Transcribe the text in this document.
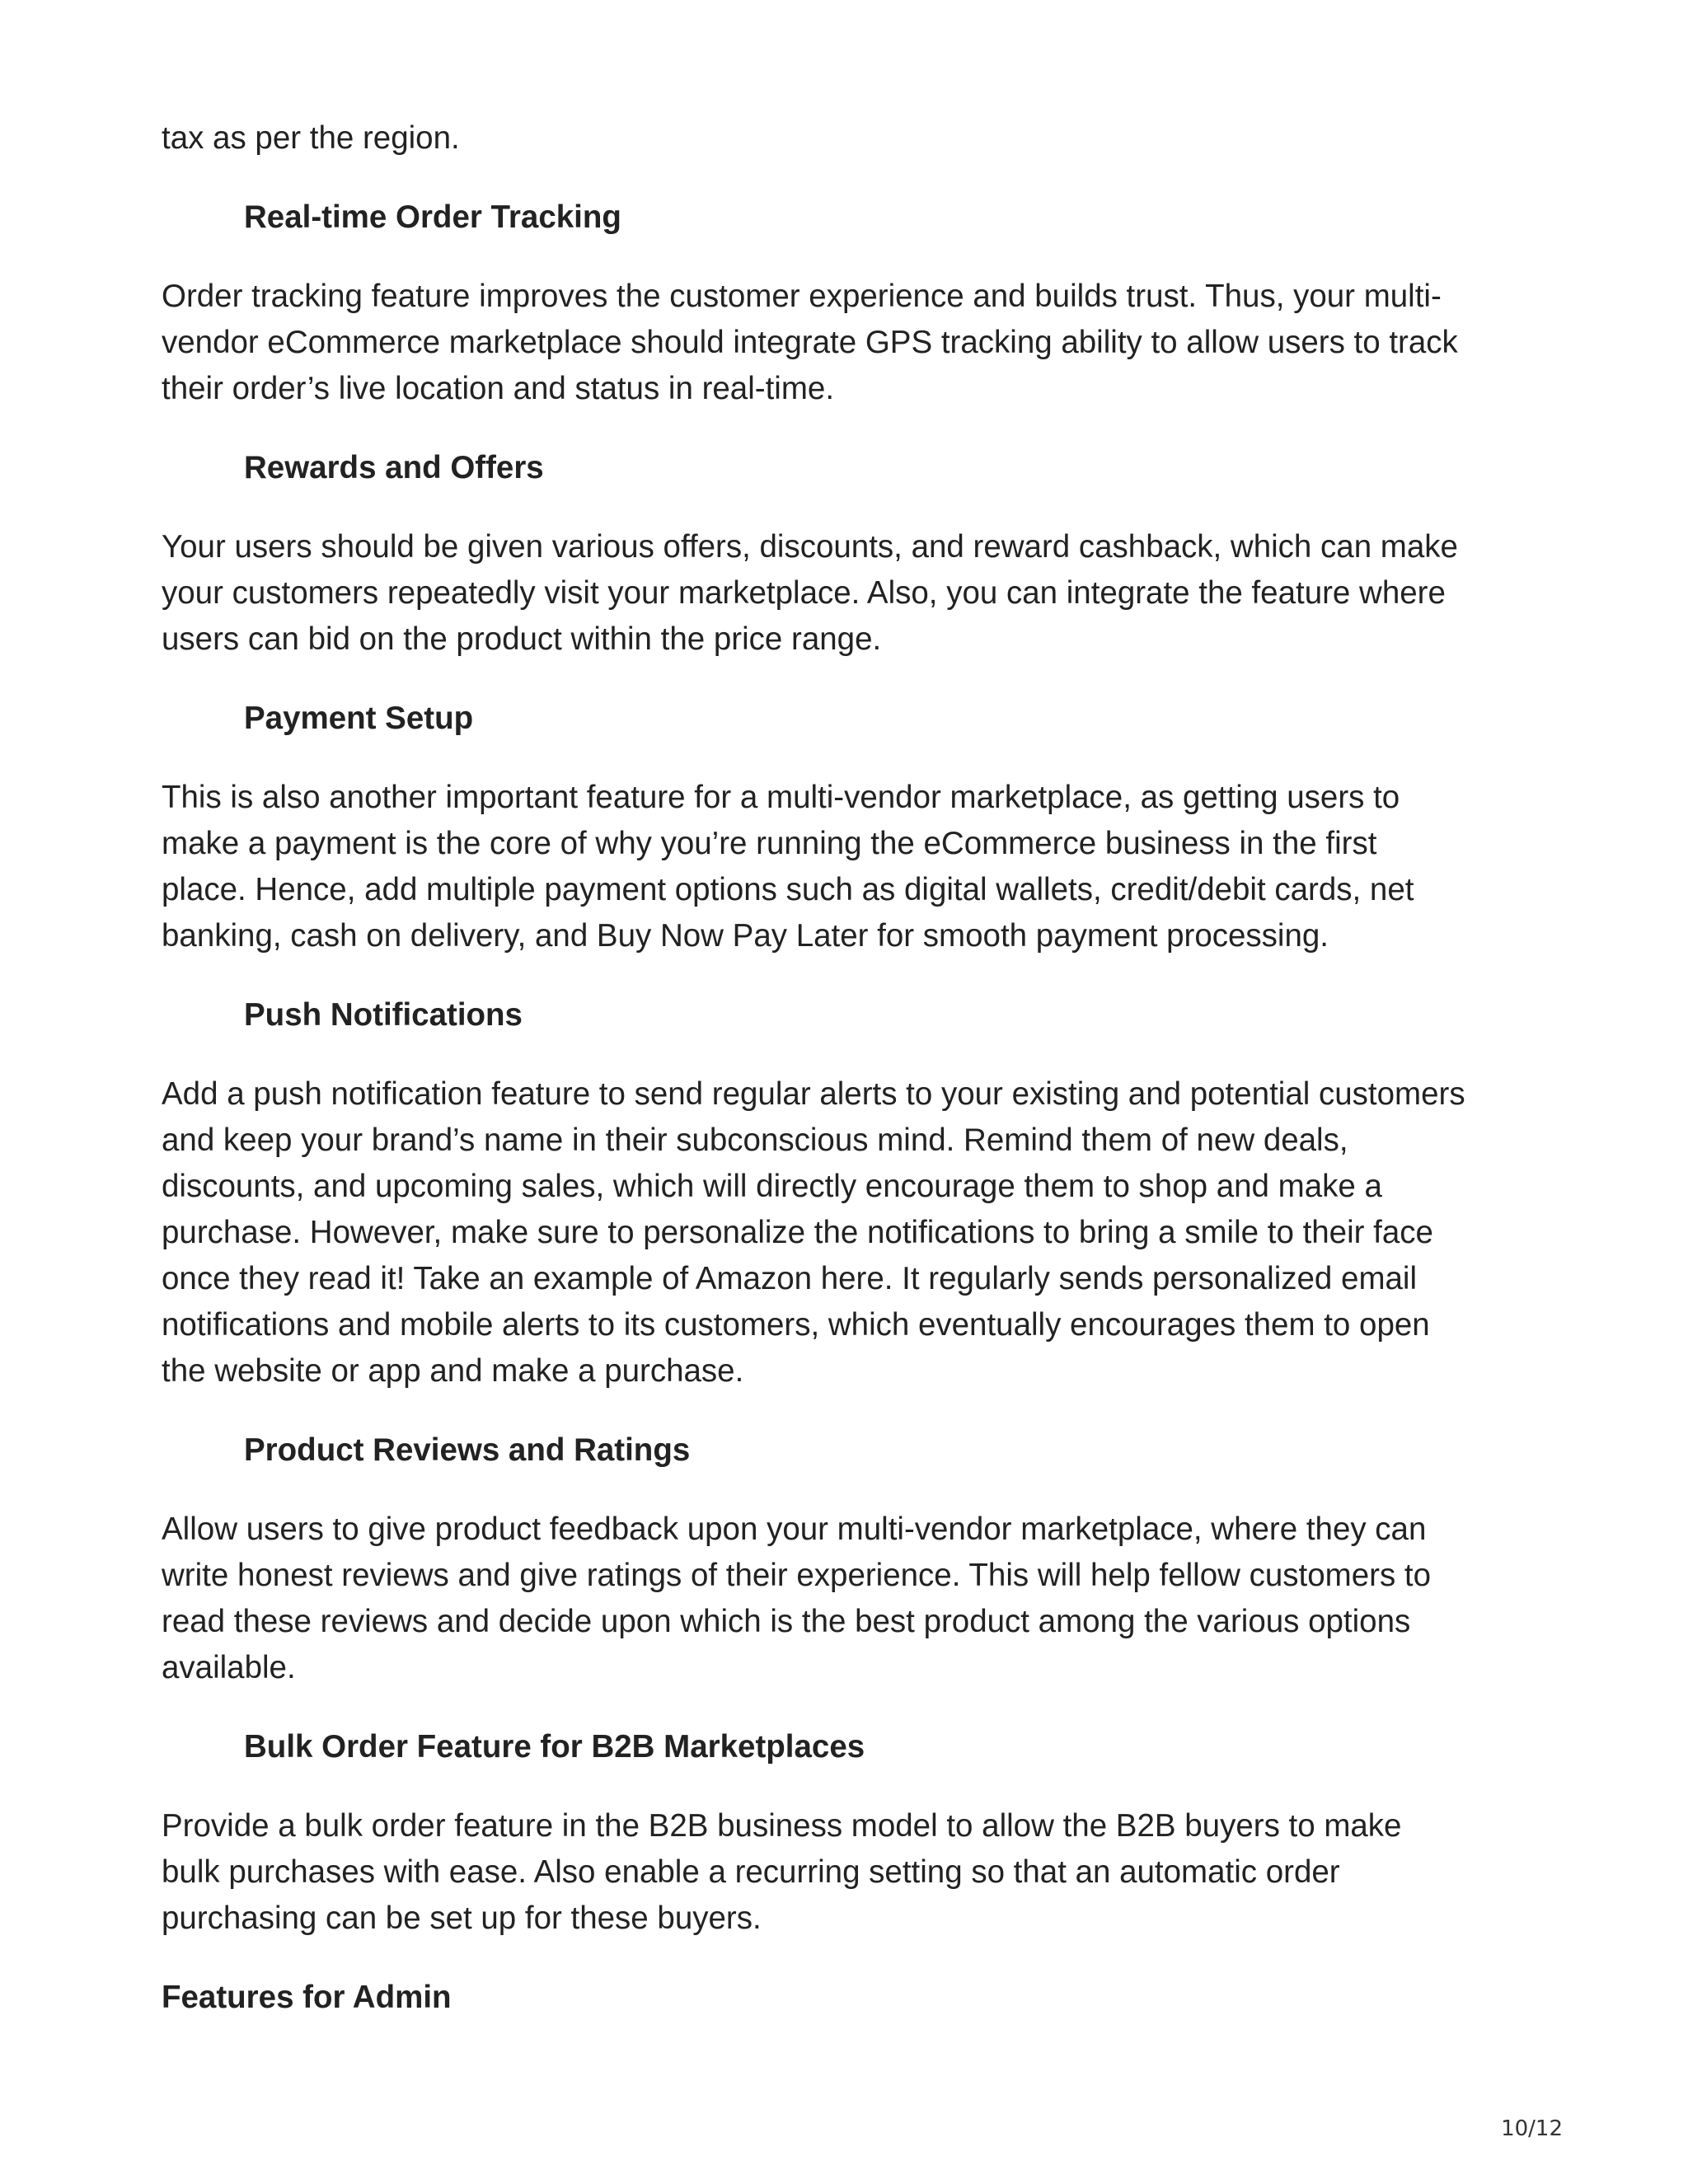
tax as per the region.

Real-time Order Tracking

Order tracking feature improves the customer experience and builds trust. Thus, your multi-
vendor eCommerce marketplace should integrate GPS tracking ability to allow users to track
their order’s live location and status in real-time.

Rewards and Offers

Your users should be given various offers, discounts, and reward cashback, which can make
your customers repeatedly visit your marketplace. Also, you can integrate the feature where
users can bid on the product within the price range.

Payment Setup

This is also another important feature for a multi-vendor marketplace, as getting users to
make a payment is the core of why you’re running the eCommerce business in the first
place. Hence, add multiple payment options such as digital wallets, credit/debit cards, net
banking, cash on delivery, and Buy Now Pay Later for smooth payment processing.

Push Notifications

Add a push notification feature to send regular alerts to your existing and potential customers
and keep your brand’s name in their subconscious mind. Remind them of new deals,
discounts, and upcoming sales, which will directly encourage them to shop and make a
purchase. However, make sure to personalize the notifications to bring a smile to their face
once they read it! Take an example of Amazon here. It regularly sends personalized email
notifications and mobile alerts to its customers, which eventually encourages them to open
the website or app and make a purchase.

Product Reviews and Ratings

Allow users to give product feedback upon your multi-vendor marketplace, where they can
write honest reviews and give ratings of their experience. This will help fellow customers to
read these reviews and decide upon which is the best product among the various options
available.

Bulk Order Feature for B2B Marketplaces

Provide a bulk order feature in the B2B business model to allow the B2B buyers to make
bulk purchases with ease. Also enable a recurring setting so that an automatic order
purchasing can be set up for these buyers.

Features for Admin
10/12
